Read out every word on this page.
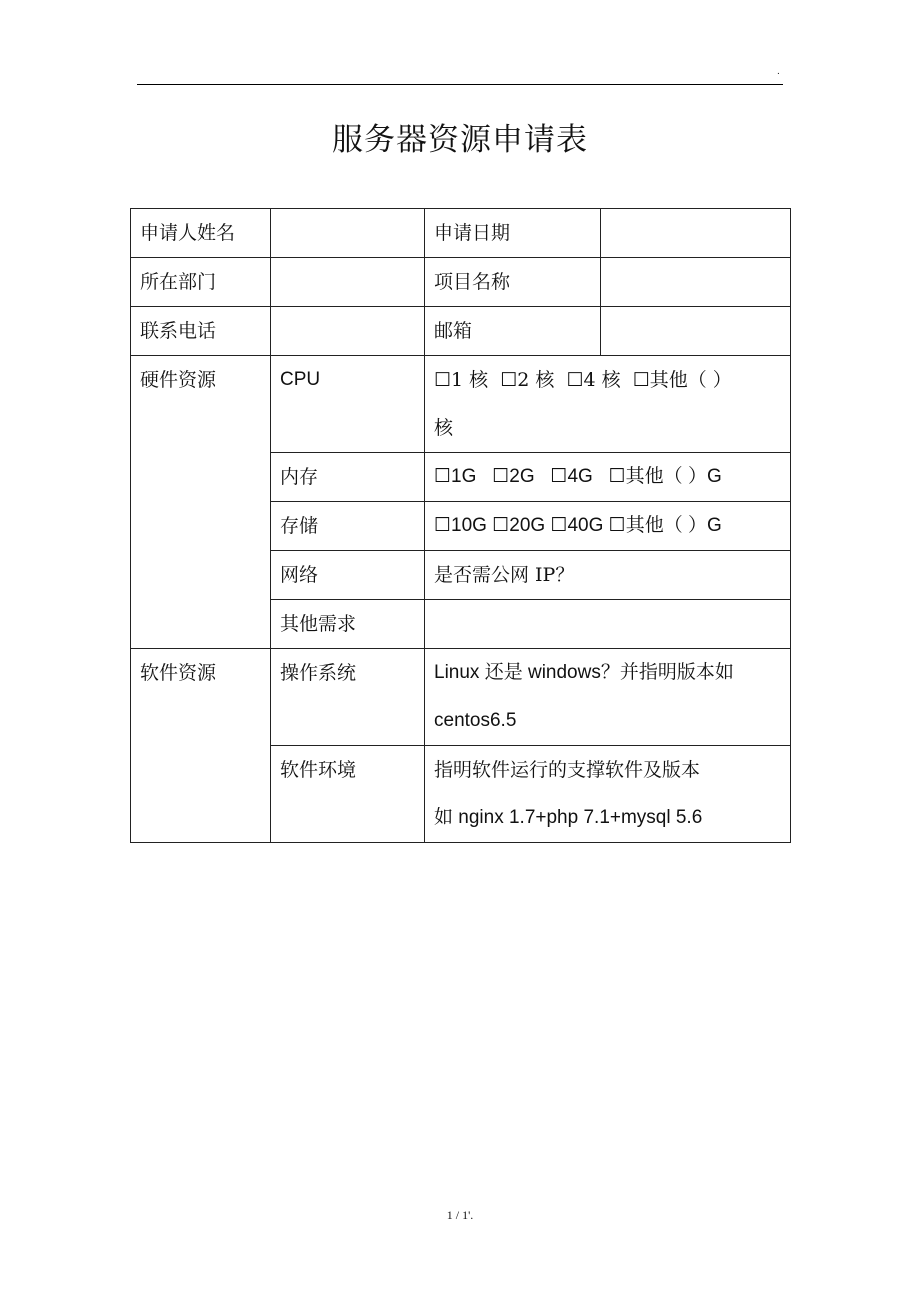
.
服务器资源申请表
申请人姓名		申请日期	
所在部门		项目名称	
联系电话		邮箱	
硬件资源	CPU	☐1 核  ☐2 核  ☐4 核  ☐其他（ ）
核	

	内存	☐1G   ☐2G   ☐4G   ☐其他（ ）G	
	存储	☐10G ☐20G ☐40G ☐其他（ ）G	
	网络	是否需公网 IP？	
	其他需求		
软件资源	操作系统	Linux 还是 windows？并指明版本如
centos6.5	

	软件环境	指明软件运行的支撑软件及版本
如 nginx 1.7+php 7.1+mysql 5.6	
1 / 1'.
